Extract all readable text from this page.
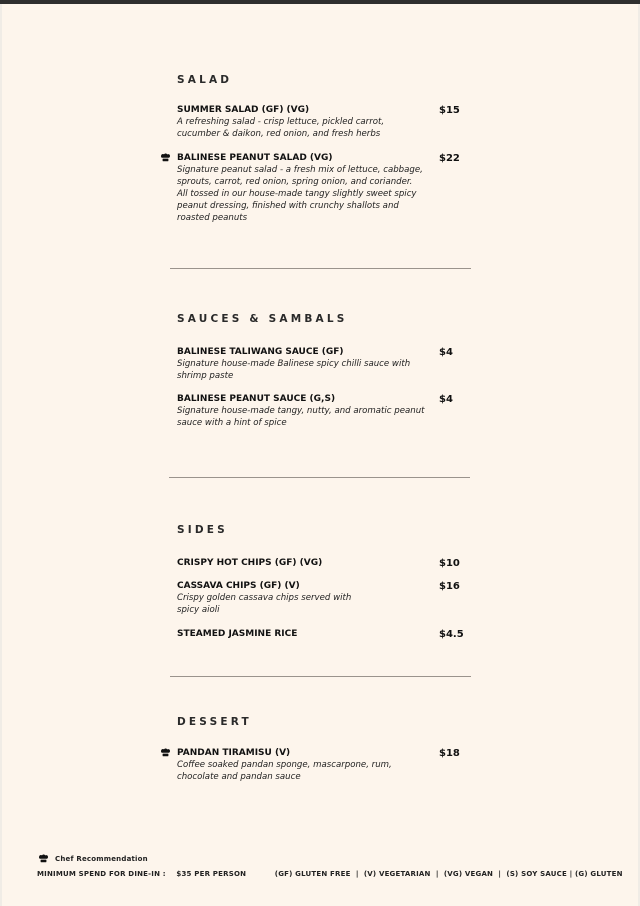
SALAD
SUMMER SALAD (GF) (VG)
A refreshing salad - crisp lettuce, pickled carrot, cucumber & daikon, red onion, and fresh herbs
$15
BALINESE PEANUT SALAD (VG)
Signature peanut salad - a fresh mix of lettuce, cabbage, sprouts, carrot, red onion, spring onion, and coriander. All tossed in our house-made tangy slightly sweet spicy peanut dressing, finished with crunchy shallots and roasted peanuts
$22
SAUCES & SAMBALS
BALINESE TALIWANG SAUCE (GF)
Signature house-made Balinese spicy chilli sauce with shrimp paste
$4
BALINESE PEANUT SAUCE (G,S)
Signature house-made tangy, nutty, and aromatic peanut sauce with a hint of spice
$4
SIDES
CRISPY HOT CHIPS (GF) (VG)	$10
CASSAVA CHIPS (GF) (V)
Crispy golden cassava chips served with spicy aioli
$16
STEAMED JASMINE RICE	$4.5
DESSERT
PANDAN TIRAMISU (V)
Coffee soaked pandan sponge, mascarpone, rum, chocolate and pandan sauce
$18
Chef Recommendation
MINIMUM SPEND FOR DINE-IN : $35 PER PERSON	(GF) GLUTEN FREE  |  (V) VEGETARIAN  |  (VG) VEGAN  |  (S) SOY SAUCE | (G) GLUTEN
